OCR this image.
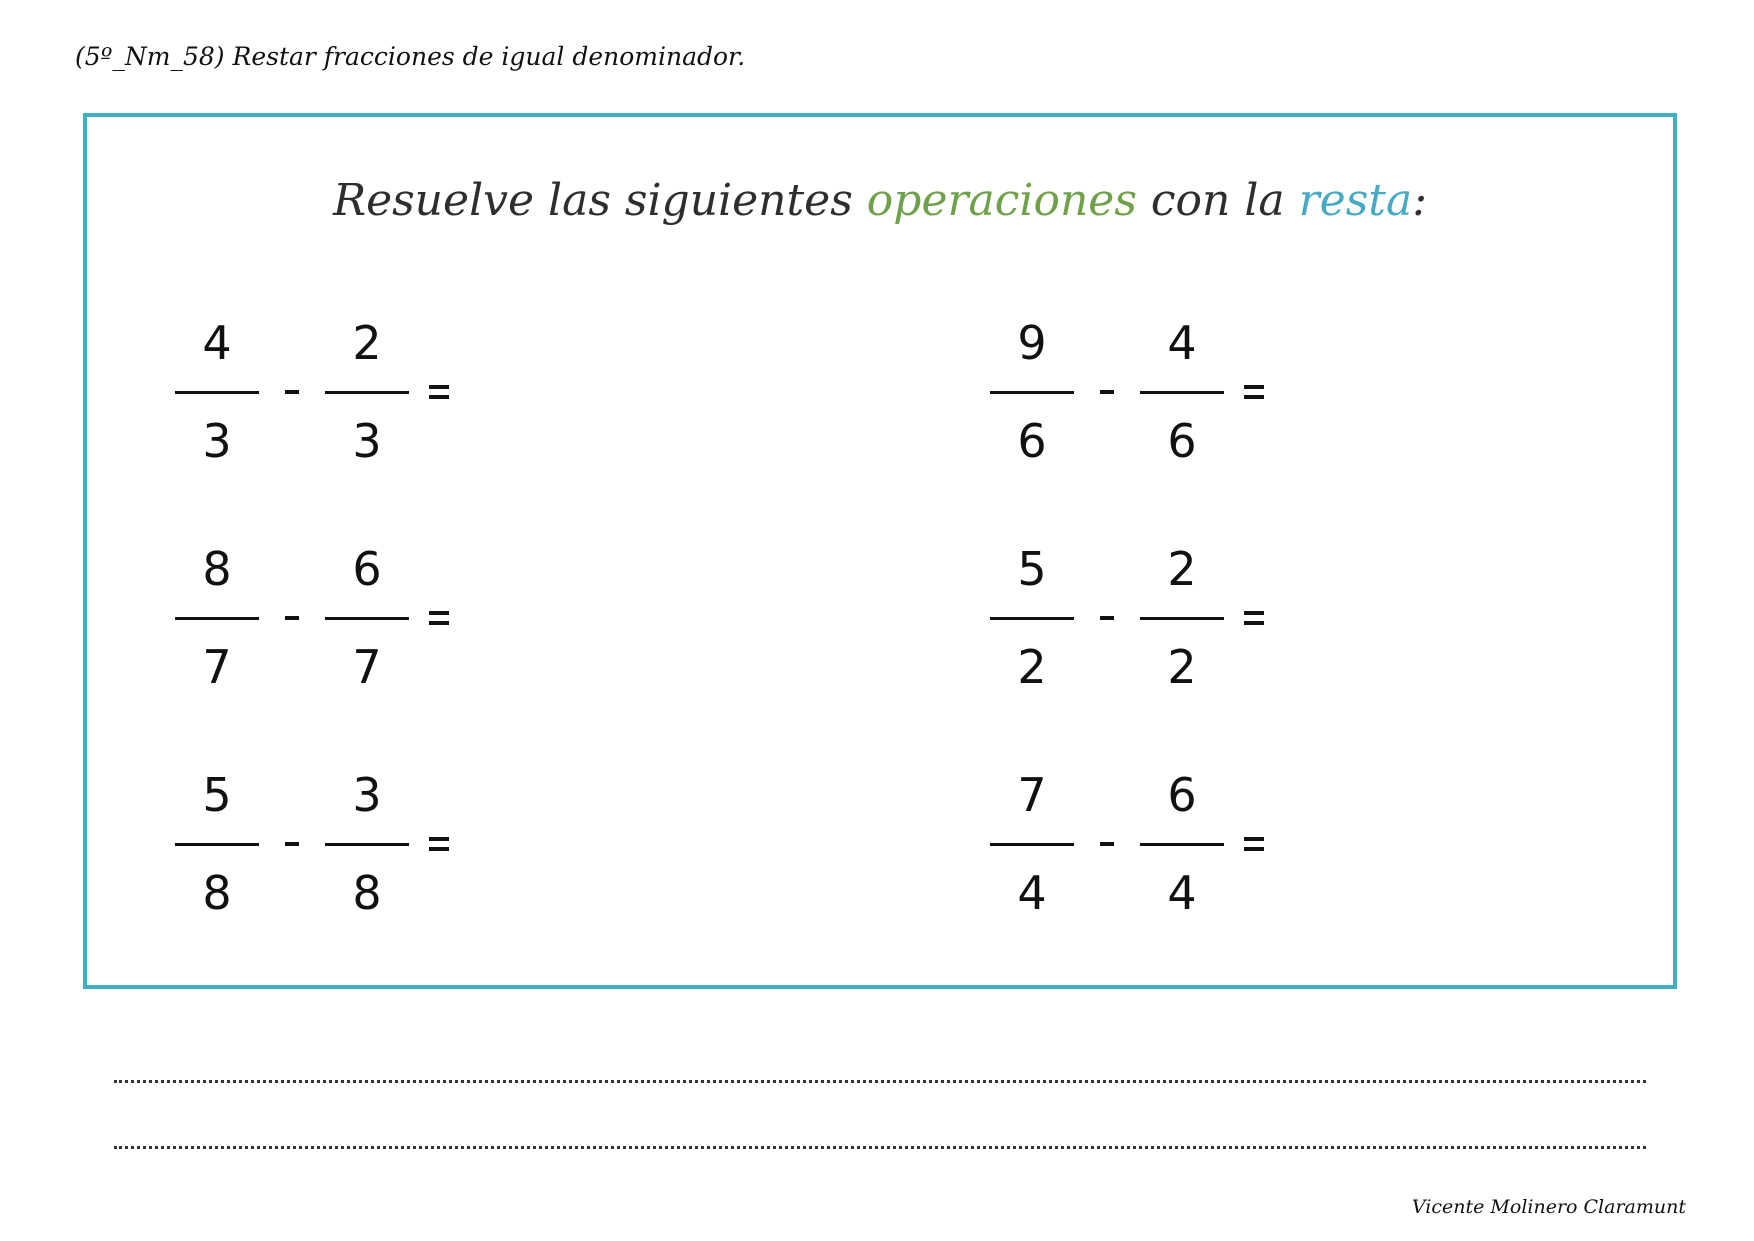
(5º_Nm_58) Restar fracciones de igual denominador.
Resuelve las siguientes operaciones con la resta:
$\frac{4}{3} \frac{2}{3}$	$\frac{9}{6} \frac{4}{6}$
$\frac{8}{7} \frac{6}{7}$	$\frac{5}{2} \frac{2}{2}$
$\frac{5}{8} \frac{3}{8}$	$\frac{7}{4} \frac{6}{4}$
Vicente Molinero Claramunt
